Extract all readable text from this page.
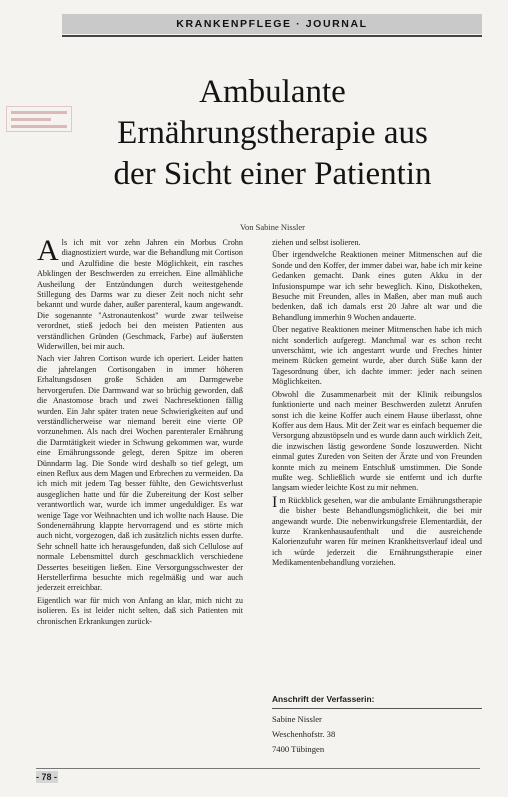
KRANKENPFLEGE · JOURNAL
Ambulante
Ernährungstherapie aus
der Sicht einer Patientin
Von Sabine Nissler

Als ich mit vor zehn Jahren ein Morbus Crohn diagnostiziert wurde, war die Behandlung mit Cortison und Azulfidine die beste Möglichkeit, ein rasches Abklingen der Beschwerden zu erreichen. Eine allmähliche Ausheilung der Entzündungen durch weitestgehende Stillegung des Darms war zu dieser Zeit noch nicht sehr bekannt und wurde daher, außer parenteral, kaum angewandt. Die sogenannte "Astronautenkost" wurde zwar teilweise verordnet, stieß jedoch bei den meisten Patienten aus verständlichen Gründen (Geschmack, Farbe) auf äußersten Widerwillen, bei mir auch.

Nach vier Jahren Cortison wurde ich operiert. Leider hatten die jahrelangen Cortisongaben in immer höheren Erhaltungsdosen große Schäden am Darmgewebe hervorgerufen. Die Darmwand war so brüchig geworden, daß die Anastomose brach und zwei Nachresektionen fällig wurden. Ein Jahr später traten neue Schwierigkeiten auf und verständlicherweise war niemand bereit eine vierte OP vorzunehmen. Als nach drei Wochen parenteraler Ernährung die Darmtätigkeit wieder in Schwung gekommen war, wurde eine Ernährungssonde gelegt, deren Spitze im oberen Dünndarm lag. Die Sonde wird deshalb so tief gelegt, um einen Reflux aus dem Magen und Erbrechen zu vermeiden. Da ich mich mit jedem Tag besser fühlte, den Gewichtsverlust ausgeglichen hatte und für die Zubereitung der Kost selber verantwortlich war, wurde ich immer ungeduldiger. Es war wenige Tage vor Weihnachten und ich wollte nach Hause. Die Sondenernährung klappte hervorragend und es störte mich auch nicht, vorgezogen, daß ich zusätzlich nichts essen durfte. Sehr schnell hatte ich herausgefunden, daß sich Cellulose auf normale Lebensmittel durch geschmacklich verschiedene Dessertes beseitigen ließen. Eine Versorgungsschwester der Herstellerfirma besuchte mich regelmäßig und war auch jederzeit erreichbar.

Eigentlich war für mich von Anfang an klar, mich nicht zu isolieren. Es ist leider nicht selten, daß sich Patienten mit chronischen Erkrankungen zurück-

ziehen und selbst isolieren.

Über irgendwelche Reaktionen meiner Mitmenschen auf die Sonde und den Koffer, der immer dabei war, habe ich mir keine Gedanken gemacht. Dank eines guten Akku in der Infusionspumpe war ich sehr beweglich. Kino, Diskotheken, Besuche mit Freunden, alles in Maßen, aber man muß auch bedenken, daß ich damals erst 20 Jahre alt war und die Behandlung immerhin 9 Wochen andauerte.

Über negative Reaktionen meiner Mitmenschen habe ich mich nicht sonderlich aufgeregt. Manchmal war es schon recht unverschämt, wie ich angestarrt wurde und Freches hinter meinem Rücken gemeint wurde, aber durch Süße kann der Tagesordnung über, ich dachte immer: jeder nach seinen Möglichkeiten.

Obwohl die Zusammenarbeit mit der Klinik reibungslos funktionierte und nach meiner Beschwerden zuletzt Anrufen sonst ich die keine Koffer auch einem Hause überlasst, ohne Koffer aus dem Haus. Mit der Zeit war es einfach bequemer die Versorgung abzustöpseln und es wurde dann auch wirklich Zeit, die inzwischen lästig gewordene Sonde loszuwerden. Nicht einmal gutes Zureden von Seiten der Ärzte und von Freunden konnte mich zu meinem Entschluß umstimmen. Die Sonde mußte weg. Schließlich wurde sie entfernt und ich durfte langsam wieder leichte Kost zu mir nehmen.

Im Rückblick gesehen, war die ambulante Ernährungstherapie die bisher beste Behandlungsmöglichkeit, die bei mir angewandt wurde. Die nebenwirkungsfreie Elementardiät, der kurze Krankenhausaufenthalt und die ausreichende Kalorienzufuhr waren für meinen Krankheitsverlauf ideal und ich würde jederzeit die Ernährungstherapie einer Medikamentenbehandlung vorziehen.

Anschrift der Verfasserin:
Sabine Nissler
Weschenhofstr. 38
7400 Tübingen
- 78 -
